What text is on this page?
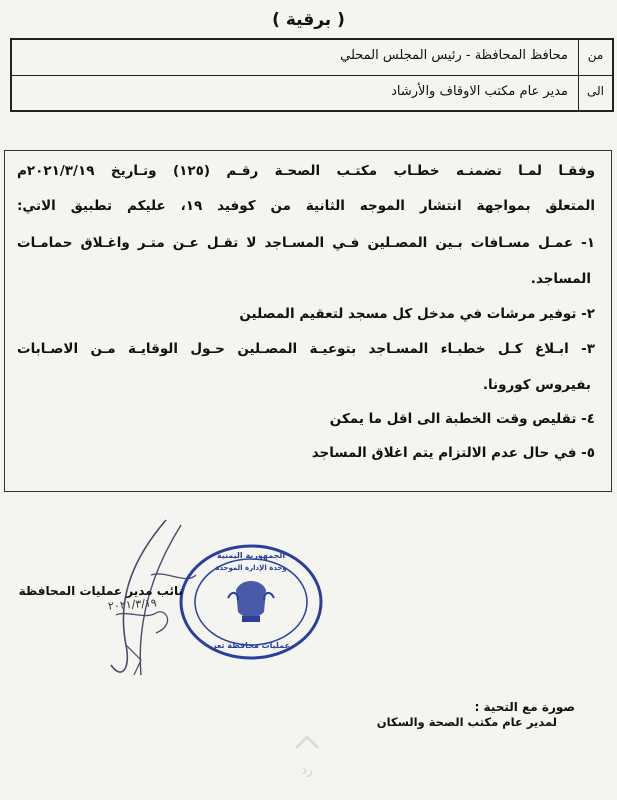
( برقية )
من
محافظ المحافظة - رئيس المجلس المحلي
الى
مدير عام مكتب الاوقاف والأرشاد
وفقـا لمـا تضمنـه خطـاب مكتـب الصحـة رقـم (١٢٥) وتـاريخ ٢٠٢١/٣/١٩م
المتعلق بمواجهة انتشار الموجه الثانية من كوفيد ١٩، عليكم تطبيق الاتي:
١- عمـل مسـافات بـين المصـلين فـي المسـاجد لا تقـل عـن متـر واغـلاق حمامـات
المساجد.
٢- توفير مرشات في مدخل كل مسجد لتعقيم المصلين
٣- ابـلاغ كـل خطبـاء المسـاجد بتوعيـة المصـلين حـول الوقايـة مـن الاصـابات
بفيروس كورونا.
٤- تقليص وقت الخطبة الى اقل ما يمكن
٥- في حال عدم الالتزام يتم اغلاق المساجد
الجمهورية اليمنية
وحدة الإدارة الموحدة
عمليات محافظة تعز
نائب مدير عمليات المحافظة
٢٠٢١/٣/١٩
صورة مع التحية :
لمدير عام مكتب الصحة والسكان
رد
